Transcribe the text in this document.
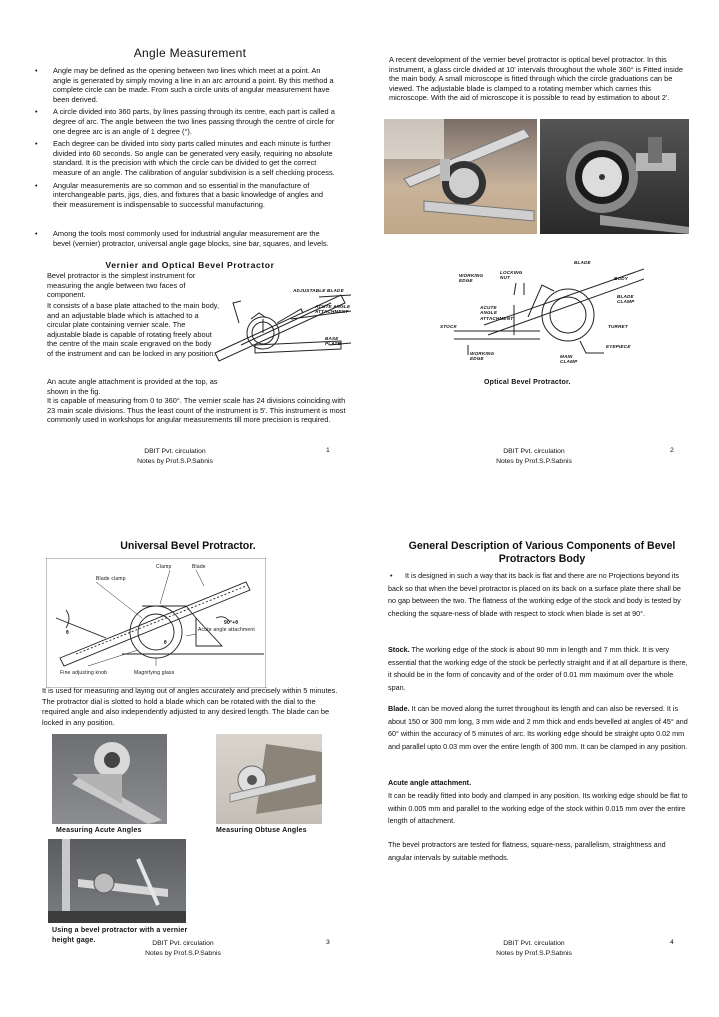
Angle Measurement
• Angle may be defined as the opening between two lines which meet at a point. An angle is generated by simply moving a line in an arc arround a point. By this method a complete circle can be made. From such a circle units of angular measurement have been derived.
• A circle divided into 360 parts, by lines passing through its centre, each part is called a degree of arc. The angle between the two lines passing through the centre of circle for one degree arc is an angle of 1 degree (°).
• Each degree can be divided into sixty parts called minutes and each minute is further divided into 60 seconds. So angle can be generated very easily, requiring no absolute standard. It is the precision with which the circle can be divided to get the correct measure of an angle. The calibration of angular subdivision is a self checking process.
• Angular measurements are so common and so essential in the manufacture of interchangeable parts, jigs, dies, and fixtures that a basic knowledge of angles and their measurement is indispensable to successful manufacturing.
• Among the tools most commonly used for industrial angular measurement are the bevel (vernier) protractor, universal angle gage blocks, sine bar, squares, and levels.
Vernier and Optical Bevel Protractor
Bevel protractor is the simplest instrument for measuring the angle between two faces of component.
It consists of a base plate attached to the main body, and an adjustable blade which is attached to a circular plate containing vernier scale. The adjustable blade is capable of rotating freely about the centre of the main scale engraved on the body of the instrument and can be locked in any position.
An acute angle attachment is provided at the top, as shown in the fig.
It is capable of measuring from 0 to 360°. The vernier scale has 24 divisions coinciding with 23 main scale divisions. Thus the least count of the instrument is 5'. This instrument is most commonly used in workshops for angular measurements till more precision is required.
ADJUSTABLE BLADE
ACUTE ANGLE ATTACHMENT
BASE PLATE
DBIT Pvt. circulation
Notes by Prof.S.P.Sabnis
1
A recent development of the vernier bevel protractor is optical bevel protractor. In this instrument, a glass circle divided at 10' intervals throughout the whole 360° is Fitted inside the main body. A small microscope is fitted through which the circle graduations can be viewed. The adjustable blade is clamped to a rotating member which carries this microscope. With the aid of microscope it is possible to read by estimation to about 2'.
WORKING EDGE
LOCKING NUT
BLADE
BODY
BLADE CLAMP
ACUTE ANGLE ATTACHMENT
STOCK	TURRET
EYEPIECE
WORKING EDGE	MAIN CLAMP
Optical Bevel Protractor.
DBIT Pvt. circulation
Notes by Prof.S.P.Sabnis
2
Universal Bevel Protractor.
Clamp	Blade
Blade clamp
Acute angle attachment
Fine adjusting knob	Magnifying glass
θ
θ
90°+θ
It is used for measuring and laying out of angles accurately and precisely within 5 minutes. The protractor dial is slotted to hold a blade which can be rotated with the dial to the required angle and also independently adjusted to any desired length. The blade can be locked in any position.
Measuring Acute Angles	Measuring Obtuse Angles
Using a bevel protractor with a vernier height gage.	DBIT Pvt. circulation
Notes by Prof.S.P.Sabnis
3
General Description of Various Components of Bevel Protractors Body
• It is designed in such a way that its back is flat and there are no Projections beyond its back so that when the bevel protractor is placed on its back on a surface plate there shall be no gap between the two. The flatness of the working edge of the stock and body is tested by checking the square-ness of blade with respect to stock when blade is set at 90°.
Stock. The working edge of the stock is about 90 mm in length and 7 mm thick. It is very essential that the working edge of the stock be perfectly straight and if at all departure is there, it should be in the form of concavity and of the order of 0.01 mm maximum over the whole span.
Blade. It can be moved along the turret throughout its length and can also be reversed. It is about 150 or 300 mm long, 3 mm wide and 2 mm thick and ends bevelled at angles of 45° and 60° within the accuracy of 5 minutes of arc. Its working edge should be straight upto 0.02 mm and parallel upto 0.03 mm over the entire length of 300 mm. It can be clamped in any position.
Acute angle attachment.
It can be readily fitted into body and clamped in any position. Its working edge should be flat to within 0.005 mm and parallel to the working edge of the stock within 0.015 mm over the entire length of attachment.
The bevel protractors are tested for flatness, square-ness, parallelism, straightness and angular intervals by suitable methods.
DBIT Pvt. circulation
Notes by Prof.S.P.Sabnis
4
